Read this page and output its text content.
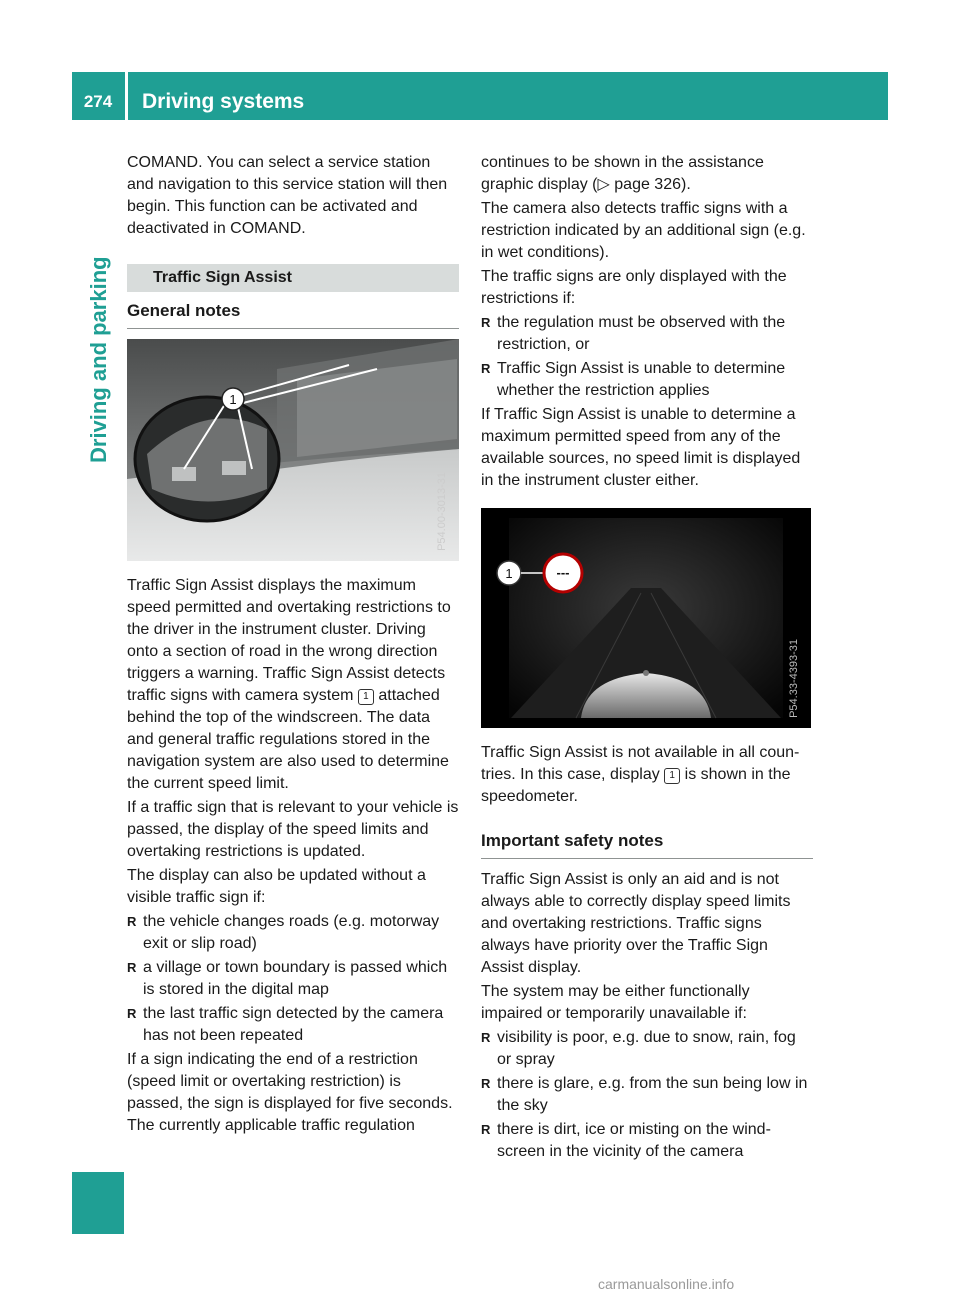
274	Driving systems
Driving and parking

COMAND. You can select a service station and navigation to this service station will then begin. This function can be activated and deactivated in COMAND.

Traffic Sign Assist
General notes
1
P54.00-3013-31

Traffic Sign Assist displays the maximum speed permitted and overtaking restrictions to the driver in the instrument cluster. Driving onto a section of road in the wrong direction triggers a warning. Traffic Sign Assist detects traffic signs with camera system 1 attached behind the top of the windscreen. The data and general traffic regulations stored in the navigation system are also used to determine the current speed limit.

If a traffic sign that is relevant to your vehicle is passed, the display of the speed limits and overtaking restrictions is updated.

The display can also be updated without a visible traffic sign if:

R the vehicle changes roads (e.g. motorway exit or slip road)
R a village or town boundary is passed which is stored in the digital map
R the last traffic sign detected by the camera has not been repeated

If a sign indicating the end of a restriction (speed limit or overtaking restriction) is passed, the sign is displayed for five seconds. The currently applicable traffic regulation

continues to be shown in the assistance graphic display (▷ page 326).

The camera also detects traffic signs with a restriction indicated by an additional sign (e.g. in wet conditions).

The traffic signs are only displayed with the restrictions if:

R the regulation must be observed with the restriction, or
R Traffic Sign Assist is unable to determine whether the restriction applies

If Traffic Sign Assist is unable to determine a maximum permitted speed from any of the available sources, no speed limit is displayed in the instrument cluster either.

1	---
P54.33-4393-31

Traffic Sign Assist is not available in all coun-tries. In this case, display 1 is shown in the speedometer.

Important safety notes

Traffic Sign Assist is only an aid and is not always able to correctly display speed limits and overtaking restrictions. Traffic signs always have priority over the Traffic Sign Assist display.

The system may be either functionally impaired or temporarily unavailable if:

R visibility is poor, e.g. due to snow, rain, fog or spray
R there is glare, e.g. from the sun being low in the sky
R there is dirt, ice or misting on the wind-screen in the vicinity of the camera
carmanualsonline.info
